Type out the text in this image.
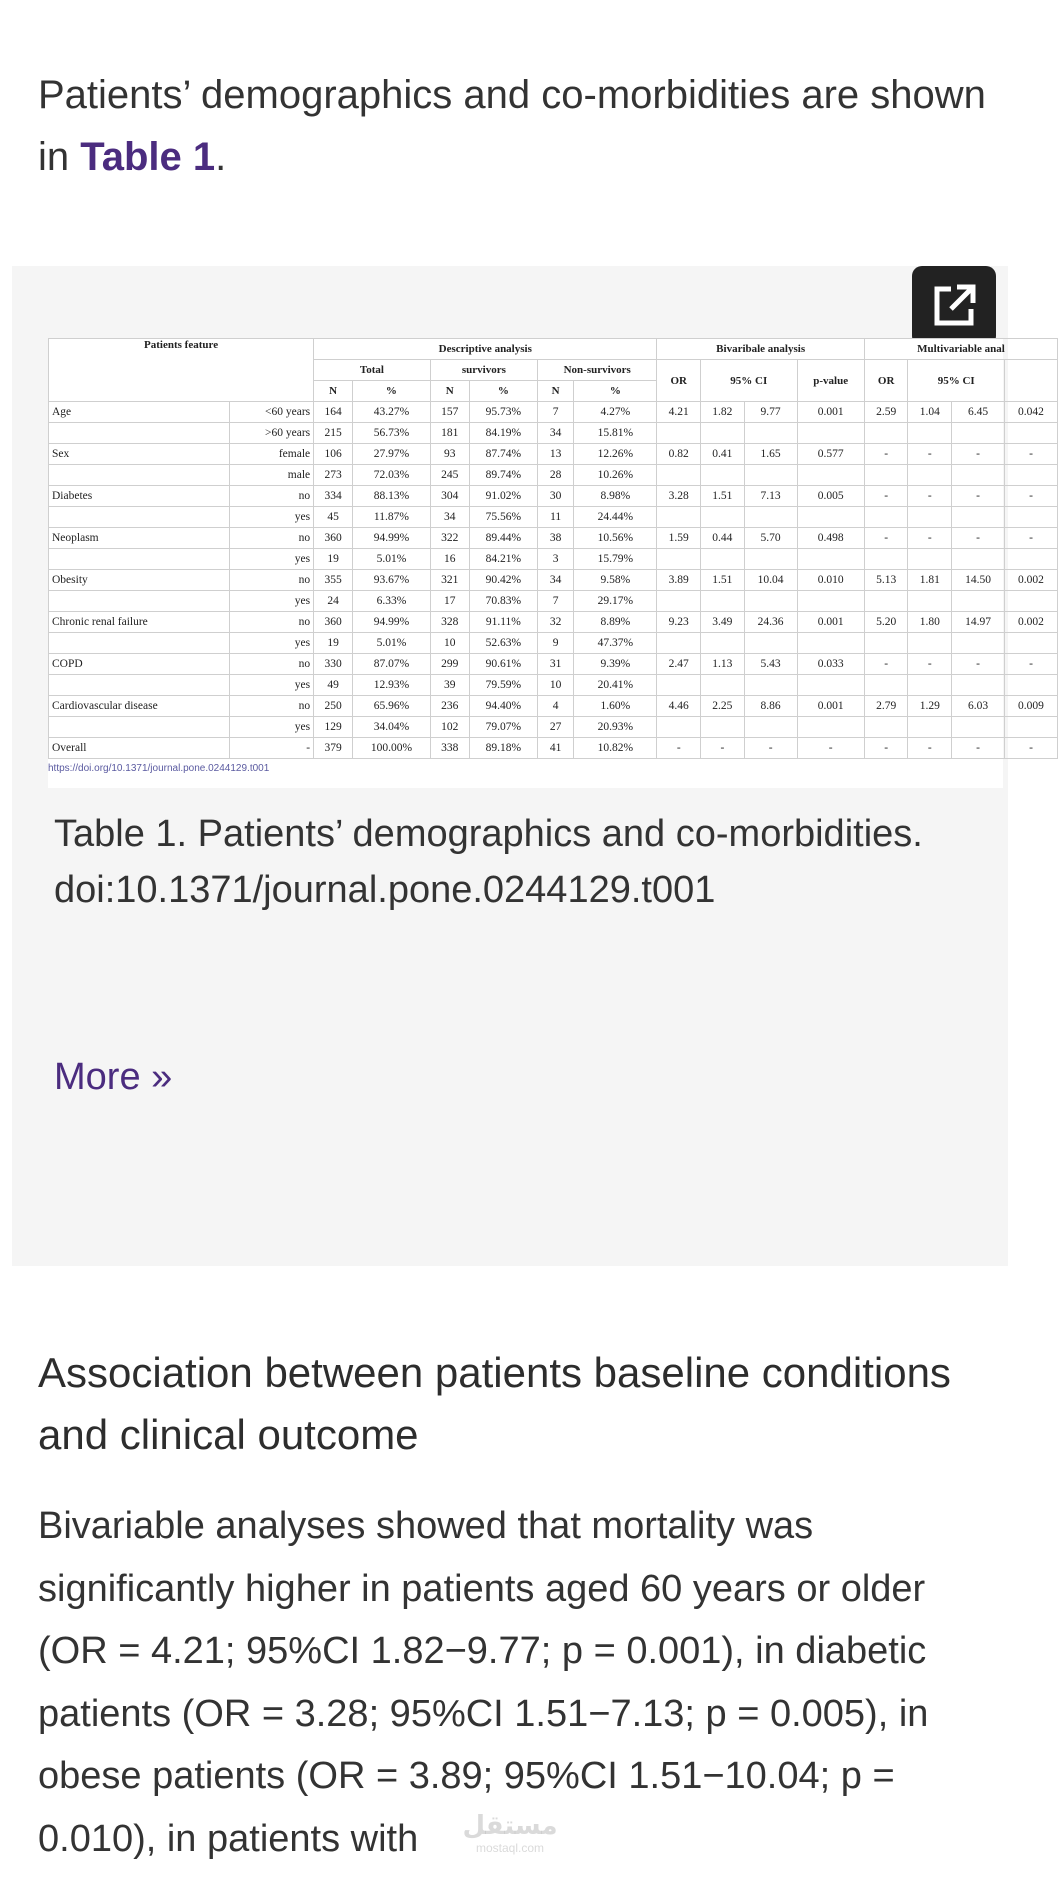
Patients’ demographics and co-morbidities are shown in Table 1.
Patients feature		Descriptive analysis						Bivaribale analysis				Multivariable anal			
		Total		survivors		Non-survivors		OR	95% CI		p-value	OR	95% CI		
		N	%	N	%	N	%								
Age	<60 years	164	43.27%	157	95.73%	7	4.27%	4.21	1.82	9.77	0.001	2.59	1.04	6.45	0.042
	>60 years	215	56.73%	181	84.19%	34	15.81%								
Sex	female	106	27.97%	93	87.74%	13	12.26%	0.82	0.41	1.65	0.577	-	-	-	-
	male	273	72.03%	245	89.74%	28	10.26%								
Diabetes	no	334	88.13%	304	91.02%	30	8.98%	3.28	1.51	7.13	0.005	-	-	-	-
	yes	45	11.87%	34	75.56%	11	24.44%								
Neoplasm	no	360	94.99%	322	89.44%	38	10.56%	1.59	0.44	5.70	0.498	-	-	-	-
	yes	19	5.01%	16	84.21%	3	15.79%								
Obesity	no	355	93.67%	321	90.42%	34	9.58%	3.89	1.51	10.04	0.010	5.13	1.81	14.50	0.002
	yes	24	6.33%	17	70.83%	7	29.17%								
Chronic renal failure	no	360	94.99%	328	91.11%	32	8.89%	9.23	3.49	24.36	0.001	5.20	1.80	14.97	0.002
	yes	19	5.01%	10	52.63%	9	47.37%								
COPD	no	330	87.07%	299	90.61%	31	9.39%	2.47	1.13	5.43	0.033	-	-	-	-
	yes	49	12.93%	39	79.59%	10	20.41%								
Cardiovascular disease	no	250	65.96%	236	94.40%	4	1.60%	4.46	2.25	8.86	0.001	2.79	1.29	6.03	0.009
	yes	129	34.04%	102	79.07%	27	20.93%								
Overall	-	379	100.00%	338	89.18%	41	10.82%	-	-	-	-	-	-	-	-
https://doi.org/10.1371/journal.pone.0244129.t001
Table 1. Patients’ demographics and co-morbidities.
doi:10.1371/journal.pone.0244129.t001
More »
Association between patients baseline conditions and clinical outcome

Bivariable analyses showed that mortality was significantly higher in patients aged 60 years or older (OR = 4.21; 95%CI 1.82−9.77; p = 0.001), in diabetic patients (OR = 3.28; 95%CI 1.51−7.13; p = 0.005), in obese patients (OR = 3.89; 95%CI 1.51−10.04; p = 0.010), in patients with	مستقل
mostaql.com
